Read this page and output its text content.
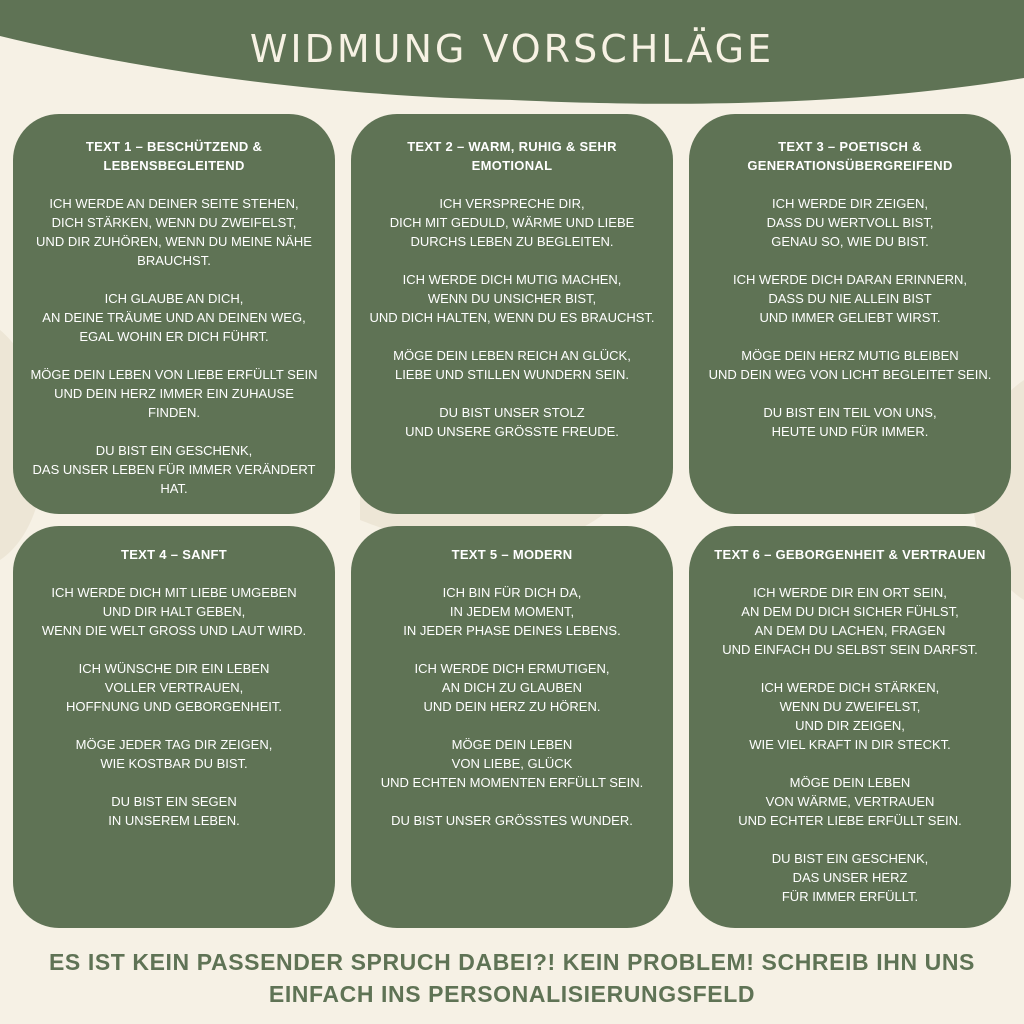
WIDMUNG VORSCHLÄGE

TEXT 1 – BESCHÜTZEND &
LEBENSBEGLEITEND

ICH WERDE AN DEINER SEITE STEHEN,
DICH STÄRKEN, WENN DU ZWEIFELST,
UND DIR ZUHÖREN, WENN DU MEINE NÄHE
BRAUCHST.

ICH GLAUBE AN DICH,
AN DEINE TRÄUME UND AN DEINEN WEG,
EGAL WOHIN ER DICH FÜHRT.

MÖGE DEIN LEBEN VON LIEBE ERFÜLLT SEIN
UND DEIN HERZ IMMER EIN ZUHAUSE
FINDEN.

DU BIST EIN GESCHENK,
DAS UNSER LEBEN FÜR IMMER VERÄNDERT
HAT.

TEXT 2 – WARM, RUHIG & SEHR
EMOTIONAL

ICH VERSPRECHE DIR,
DICH MIT GEDULD, WÄRME UND LIEBE
DURCHS LEBEN ZU BEGLEITEN.

ICH WERDE DICH MUTIG MACHEN,
WENN DU UNSICHER BIST,
UND DICH HALTEN, WENN DU ES BRAUCHST.

MÖGE DEIN LEBEN REICH AN GLÜCK,
LIEBE UND STILLEN WUNDERN SEIN.

DU BIST UNSER STOLZ
UND UNSERE GRÖSSTE FREUDE.

TEXT 3 – POETISCH &
GENERATIONSÜBERGREIFEND

ICH WERDE DIR ZEIGEN,
DASS DU WERTVOLL BIST,
GENAU SO, WIE DU BIST.

ICH WERDE DICH DARAN ERINNERN,
DASS DU NIE ALLEIN BIST
UND IMMER GELIEBT WIRST.

MÖGE DEIN HERZ MUTIG BLEIBEN
UND DEIN WEG VON LICHT BEGLEITET SEIN.

DU BIST EIN TEIL VON UNS,
HEUTE UND FÜR IMMER.

TEXT 4 – SANFT

ICH WERDE DICH MIT LIEBE UMGEBEN
UND DIR HALT GEBEN,
WENN DIE WELT GROSS UND LAUT WIRD.

ICH WÜNSCHE DIR EIN LEBEN
VOLLER VERTRAUEN,
HOFFNUNG UND GEBORGENHEIT.

MÖGE JEDER TAG DIR ZEIGEN,
WIE KOSTBAR DU BIST.

DU BIST EIN SEGEN
IN UNSEREM LEBEN.

TEXT 5 – MODERN

ICH BIN FÜR DICH DA,
IN JEDEM MOMENT,
IN JEDER PHASE DEINES LEBENS.

ICH WERDE DICH ERMUTIGEN,
AN DICH ZU GLAUBEN
UND DEIN HERZ ZU HÖREN.

MÖGE DEIN LEBEN
VON LIEBE, GLÜCK
UND ECHTEN MOMENTEN ERFÜLLT SEIN.

DU BIST UNSER GRÖSSTES WUNDER.

TEXT 6 – GEBORGENHEIT & VERTRAUEN

ICH WERDE DIR EIN ORT SEIN,
AN DEM DU DICH SICHER FÜHLST,
AN DEM DU LACHEN, FRAGEN
UND EINFACH DU SELBST SEIN DARFST.

ICH WERDE DICH STÄRKEN,
WENN DU ZWEIFELST,
UND DIR ZEIGEN,
WIE VIEL KRAFT IN DIR STECKT.

MÖGE DEIN LEBEN
VON WÄRME, VERTRAUEN
UND ECHTER LIEBE ERFÜLLT SEIN.

DU BIST EIN GESCHENK,
DAS UNSER HERZ
FÜR IMMER ERFÜLLT.

ES IST KEIN PASSENDER SPRUCH DABEI?! KEIN PROBLEM! SCHREIB IHN UNS
EINFACH INS PERSONALISIERUNGSFELD
